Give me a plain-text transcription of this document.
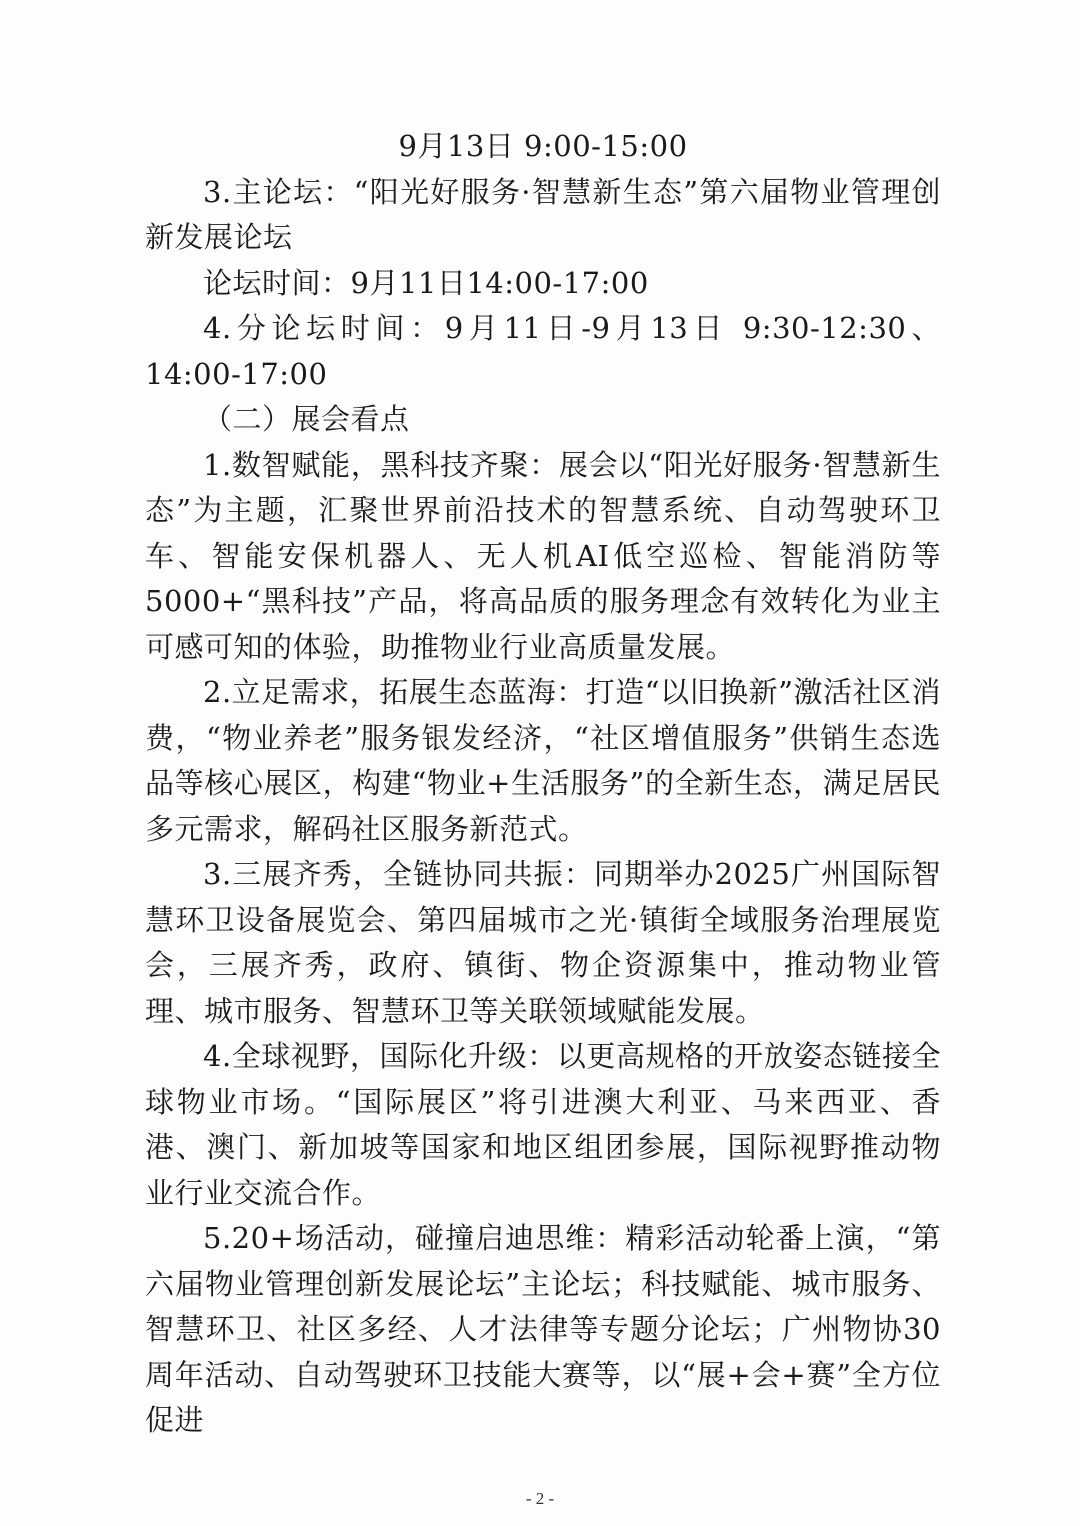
9月13日 9:00-15:00

3.主论坛：“阳光好服务·智慧新生态”第六届物业管理创新发展论坛

论坛时间：9月11日14:00-17:00

4.分论坛时间：9月11日-9月13日 9:30-12:30、14:00-17:00

（二）展会看点

1.数智赋能，黑科技齐聚：展会以“阳光好服务·智慧新生态”为主题，汇聚世界前沿技术的智慧系统、自动驾驶环卫车、智能安保机器人、无人机AI低空巡检、智能消防等5000+“黑科技”产品，将高品质的服务理念有效转化为业主可感可知的体验，助推物业行业高质量发展。

2.立足需求，拓展生态蓝海：打造“以旧换新”激活社区消费，“物业养老”服务银发经济，“社区增值服务”供销生态选品等核心展区，构建“物业+生活服务”的全新生态，满足居民多元需求，解码社区服务新范式。

3.三展齐秀，全链协同共振：同期举办2025广州国际智慧环卫设备展览会、第四届城市之光·镇街全域服务治理展览会，三展齐秀，政府、镇街、物企资源集中，推动物业管理、城市服务、智慧环卫等关联领域赋能发展。

4.全球视野，国际化升级：以更高规格的开放姿态链接全球物业市场。“国际展区”将引进澳大利亚、马来西亚、香港、澳门、新加坡等国家和地区组团参展，国际视野推动物业行业交流合作。

5.20+场活动，碰撞启迪思维：精彩活动轮番上演，“第六届物业管理创新发展论坛”主论坛；科技赋能、城市服务、智慧环卫、社区多经、人才法律等专题分论坛；广州物协30周年活动、自动驾驶环卫技能大赛等，以“展+会+赛”全方位促进

- 2 -
